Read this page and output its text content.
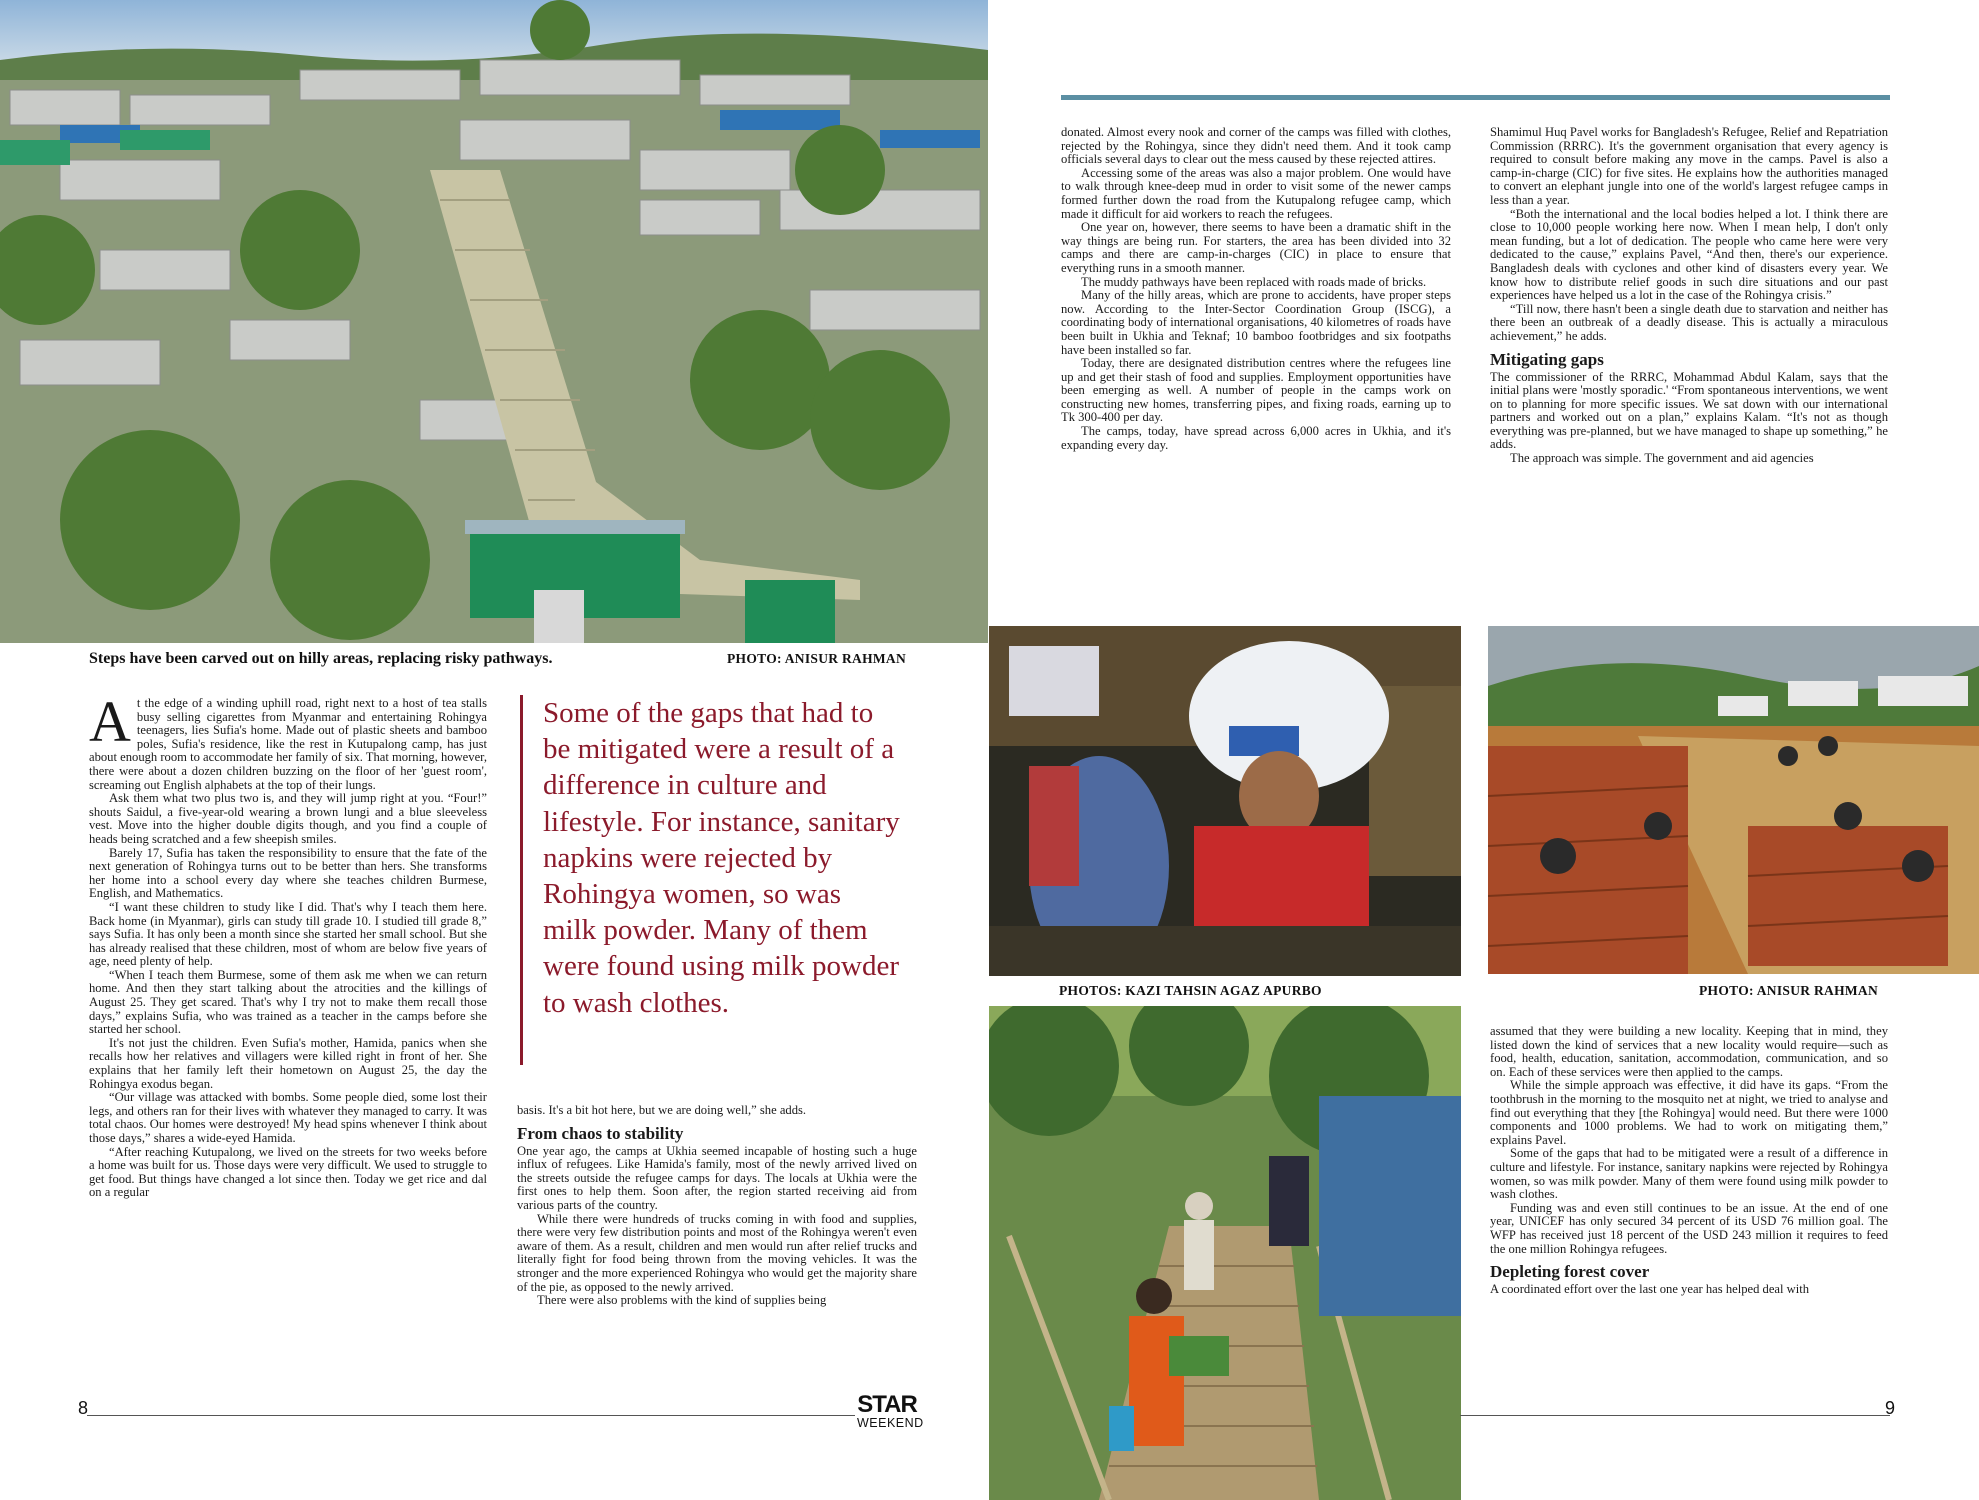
Steps have been carved out on hilly areas, replacing risky pathways.	PHOTO: ANISUR RAHMAN
PHOTOS: KAZI TAHSIN AGAZ APURBO	PHOTO: ANISUR RAHMAN

At the edge of a winding uphill road, right next to a host of tea stalls busy selling cigarettes from Myanmar and entertaining Rohingya teenagers, lies Sufia's home. Made out of plastic sheets and bamboo poles, Sufia's residence, like the rest in Kutupalong camp, has just about enough room to accommodate her family of six. That morning, however, there were about a dozen children buzzing on the floor of her 'guest room', screaming out English alphabets at the top of their lungs.

Ask them what two plus two is, and they will jump right at you. “Four!” shouts Saidul, a five-year-old wearing a brown lungi and a blue sleeveless vest. Move into the higher double digits though, and you find a couple of heads being scratched and a few sheepish smiles.

Barely 17, Sufia has taken the responsibility to ensure that the fate of the next generation of Rohingya turns out to be better than hers. She transforms her home into a school every day where she teaches children Burmese, English, and Mathematics.

“I want these children to study like I did. That's why I teach them here. Back home (in Myanmar), girls can study till grade 10. I studied till grade 8,” says Sufia. It has only been a month since she started her small school. But she has already realised that these children, most of whom are below five years of age, need plenty of help.

“When I teach them Burmese, some of them ask me when we can return home. And then they start talking about the atrocities and the killings of August 25. They get scared. That's why I try not to make them recall those days,” explains Sufia, who was trained as a teacher in the camps before she started her school.

It's not just the children. Even Sufia's mother, Hamida, panics when she recalls how her relatives and villagers were killed right in front of her. She explains that her family left their hometown on August 25, the day the Rohingya exodus began.

“Our village was attacked with bombs. Some people died, some lost their legs, and others ran for their lives with whatever they managed to carry. It was total chaos. Our homes were destroyed! My head spins whenever I think about those days,” shares a wide-eyed Hamida.

“After reaching Kutupalong, we lived on the streets for two weeks before a home was built for us. Those days were very difficult. We used to struggle to get food. But things have changed a lot since then. Today we get rice and dal on a regular

Some of the gaps that had to be mitigated were a result of a difference in culture and lifestyle. For instance, sanitary napkins were rejected by Rohingya women, so was milk powder. Many of them were found using milk powder to wash clothes.

basis. It's a bit hot here, but we are doing well,” she adds.

From chaos to stability

One year ago, the camps at Ukhia seemed incapable of hosting such a huge influx of refugees. Like Hamida's family, most of the newly arrived lived on the streets outside the refugee camps for days. The locals at Ukhia were the first ones to help them. Soon after, the region started receiving aid from various parts of the country.

While there were hundreds of trucks coming in with food and supplies, there were very few distribution points and most of the Rohingya weren't even aware of them. As a result, children and men would run after relief trucks and literally fight for food being thrown from the moving vehicles. It was the stronger and the more experienced Rohingya who would get the majority share of the pie, as opposed to the newly arrived.

There were also problems with the kind of supplies being

donated. Almost every nook and corner of the camps was filled with clothes, rejected by the Rohingya, since they didn't need them. And it took camp officials several days to clear out the mess caused by these rejected attires.

Accessing some of the areas was also a major problem. One would have to walk through knee-deep mud in order to visit some of the newer camps formed further down the road from the Kutupalong refugee camp, which made it difficult for aid workers to reach the refugees.

One year on, however, there seems to have been a dramatic shift in the way things are being run. For starters, the area has been divided into 32 camps and there are camp-in-charges (CIC) in place to ensure that everything runs in a smooth manner.

The muddy pathways have been replaced with roads made of bricks.

Many of the hilly areas, which are prone to accidents, have proper steps now. According to the Inter-Sector Coordination Group (ISCG), a coordinating body of international organisations, 40 kilometres of roads have been built in Ukhia and Teknaf; 10 bamboo footbridges and six footpaths have been installed so far.

Today, there are designated distribution centres where the refugees line up and get their stash of food and supplies. Employment opportunities have been emerging as well. A number of people in the camps work on constructing new homes, transferring pipes, and fixing roads, earning up to Tk 300-400 per day.

The camps, today, have spread across 6,000 acres in Ukhia, and it's expanding every day.

Shamimul Huq Pavel works for Bangladesh's Refugee, Relief and Repatriation Commission (RRRC). It's the government organisation that every agency is required to consult before making any move in the camps. Pavel is also a camp-in-charge (CIC) for five sites. He explains how the authorities managed to convert an elephant jungle into one of the world's largest refugee camps in less than a year.

“Both the international and the local bodies helped a lot. I think there are close to 10,000 people working here now. When I mean help, I don't only mean funding, but a lot of dedication. The people who came here were very dedicated to the cause,” explains Pavel, “And then, there's our experience. Bangladesh deals with cyclones and other kind of disasters every year. We know how to distribute relief goods in such dire situations and our past experiences have helped us a lot in the case of the Rohingya crisis.”

“Till now, there hasn't been a single death due to starvation and neither has there been an outbreak of a deadly disease. This is actually a miraculous achievement,” he adds.

Mitigating gaps

The commissioner of the RRRC, Mohammad Abdul Kalam, says that the initial plans were 'mostly sporadic.' “From spontaneous interventions, we went on to planning for more specific issues. We sat down with our international partners and worked out on a plan,” explains Kalam. “It's not as though everything was pre-planned, but we have managed to shape up something,” he adds.

The approach was simple. The government and aid agencies

assumed that they were building a new locality. Keeping that in mind, they listed down the kind of services that a new locality would require—such as food, health, education, sanitation, accommodation, communication, and so on. Each of these services were then applied to the camps.

While the simple approach was effective, it did have its gaps. “From the toothbrush in the morning to the mosquito net at night, we tried to analyse and find out everything that they [the Rohingya] would need. But there were 1000 components and 1000 problems. We had to work on mitigating them,” explains Pavel.

Some of the gaps that had to be mitigated were a result of a difference in culture and lifestyle. For instance, sanitary napkins were rejected by Rohingya women, so was milk powder. Many of them were found using milk powder to wash clothes.

Funding was and even still continues to be an issue. At the end of one year, UNICEF has only secured 34 percent of its USD 76 million goal. The WFP has received just 18 percent of the USD 243 million it requires to feed the one million Rohingya refugees.

Depleting forest cover

A coordinated effort over the last one year has helped deal with

8	9
STAR
WEEKEND
